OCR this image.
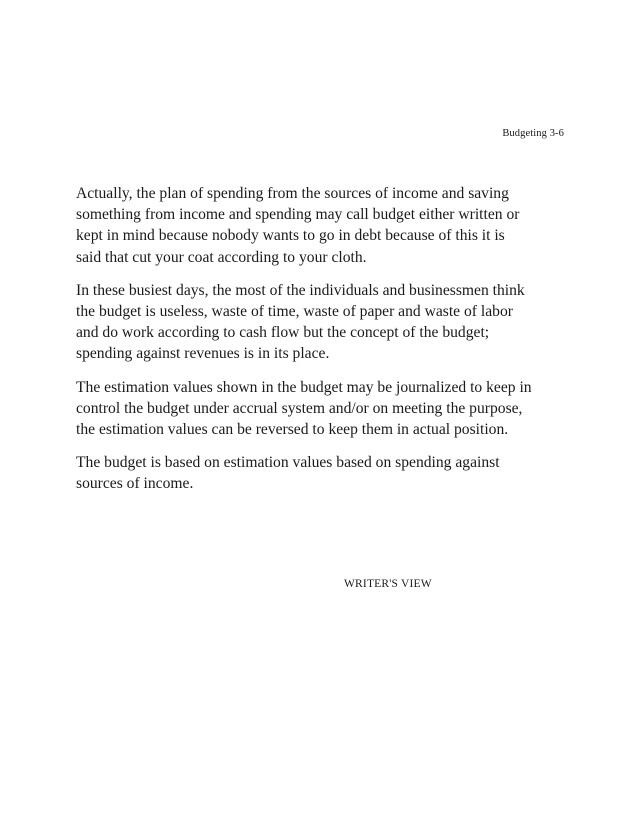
Budgeting 3-6

Actually, the plan of spending from the sources of income and saving
something from income and spending may call budget either written or
kept in mind because nobody wants to go in debt because of this it is
said that cut your coat according to your cloth.

In these busiest days, the most of the individuals and businessmen think
the budget is useless, waste of time, waste of paper and waste of labor
and do work according to cash flow but the concept of the budget;
spending against revenues is in its place.

The estimation values shown in the budget may be journalized to keep in
control the budget under accrual system and/or on meeting the purpose,
the estimation values can be reversed to keep them in actual position.

The budget is based on estimation values based on spending against
sources of income.

WRITER'S VIEW
